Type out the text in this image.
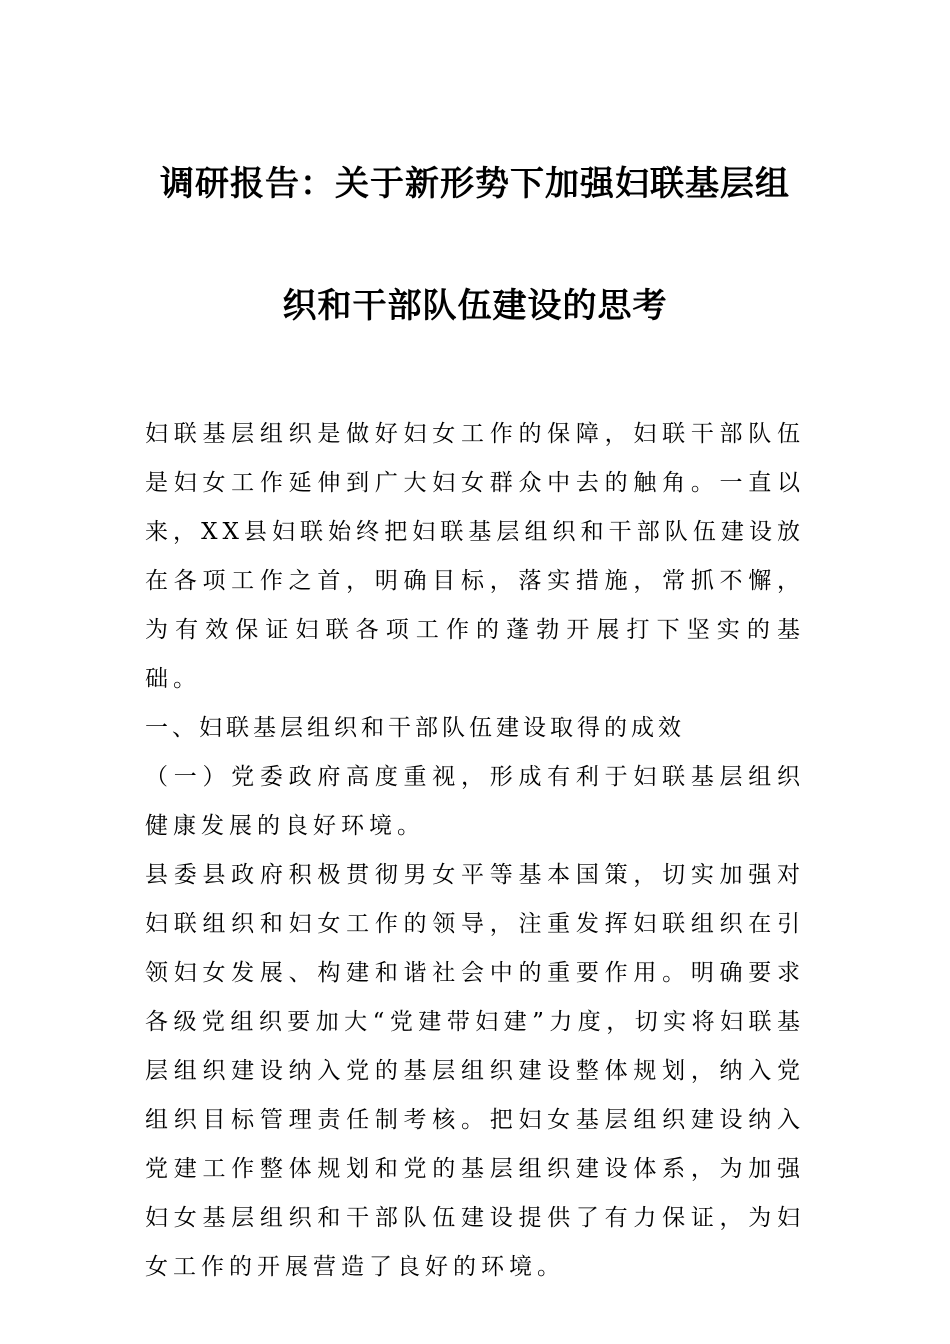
调研报告：关于新形势下加强妇联基层组
织和干部队伍建设的思考

妇联基层组织是做好妇女工作的保障，妇联干部队伍是妇女工作延伸到广大妇女群众中去的触角。一直以来，XX县妇联始终把妇联基层组织和干部队伍建设放在各项工作之首，明确目标，落实措施，常抓不懈，为有效保证妇联各项工作的蓬勃开展打下坚实的基础。

一、妇联基层组织和干部队伍建设取得的成效

（一）党委政府高度重视，形成有利于妇联基层组织健康发展的良好环境。

县委县政府积极贯彻男女平等基本国策，切实加强对妇联组织和妇女工作的领导，注重发挥妇联组织在引领妇女发展、构建和谐社会中的重要作用。明确要求各级党组织要加大“党建带妇建”力度，切实将妇联基层组织建设纳入党的基层组织建设整体规划，纳入党组织目标管理责任制考核。把妇女基层组织建设纳入党建工作整体规划和党的基层组织建设体系，为加强妇女基层组织和干部队伍建设提供了有力保证，为妇女工作的开展营造了良好的环境。
